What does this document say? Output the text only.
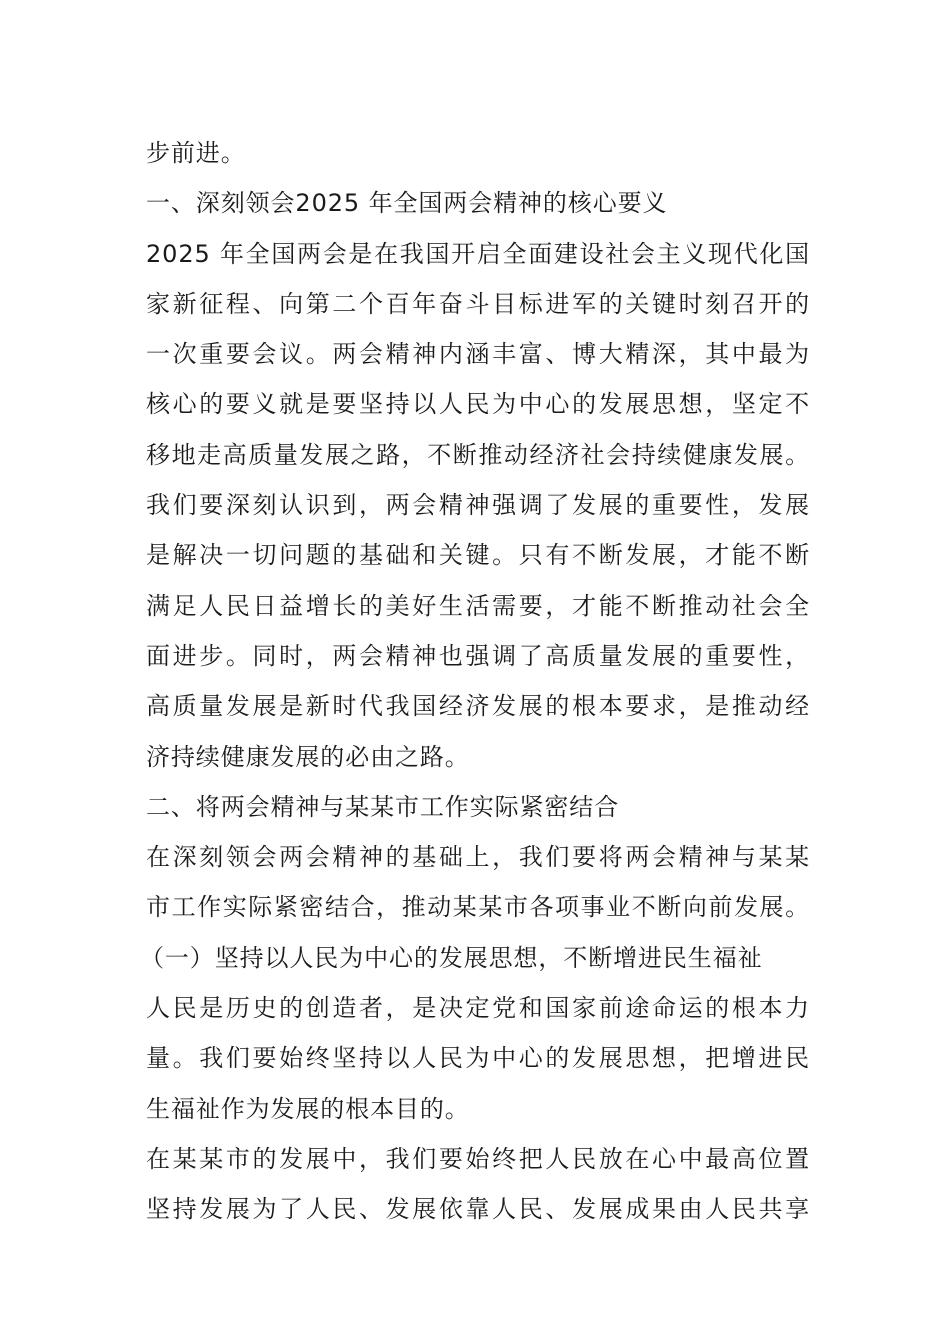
步前进。
一、深刻领会2025 年全国两会精神的核心要义
2025 年全国两会是在我国开启全面建设社会主义现代化国
家新征程、向第二个百年奋斗目标进军的关键时刻召开的
一次重要会议。两会精神内涵丰富、博大精深，其中最为
核心的要义就是要坚持以人民为中心的发展思想，坚定不
移地走高质量发展之路，不断推动经济社会持续健康发展。
我们要深刻认识到，两会精神强调了发展的重要性，发展
是解决一切问题的基础和关键。只有不断发展，才能不断
满足人民日益增长的美好生活需要，才能不断推动社会全
面进步。同时，两会精神也强调了高质量发展的重要性，
高质量发展是新时代我国经济发展的根本要求，是推动经
济持续健康发展的必由之路。
二、将两会精神与某某市工作实际紧密结合
在深刻领会两会精神的基础上，我们要将两会精神与某某
市工作实际紧密结合，推动某某市各项事业不断向前发展。
（一）坚持以人民为中心的发展思想，不断增进民生福祉
人民是历史的创造者，是决定党和国家前途命运的根本力
量。我们要始终坚持以人民为中心的发展思想，把增进民
生福祉作为发展的根本目的。
在某某市的发展中，我们要始终把人民放在心中最高位置
坚持发展为了人民、发展依靠人民、发展成果由人民共享
